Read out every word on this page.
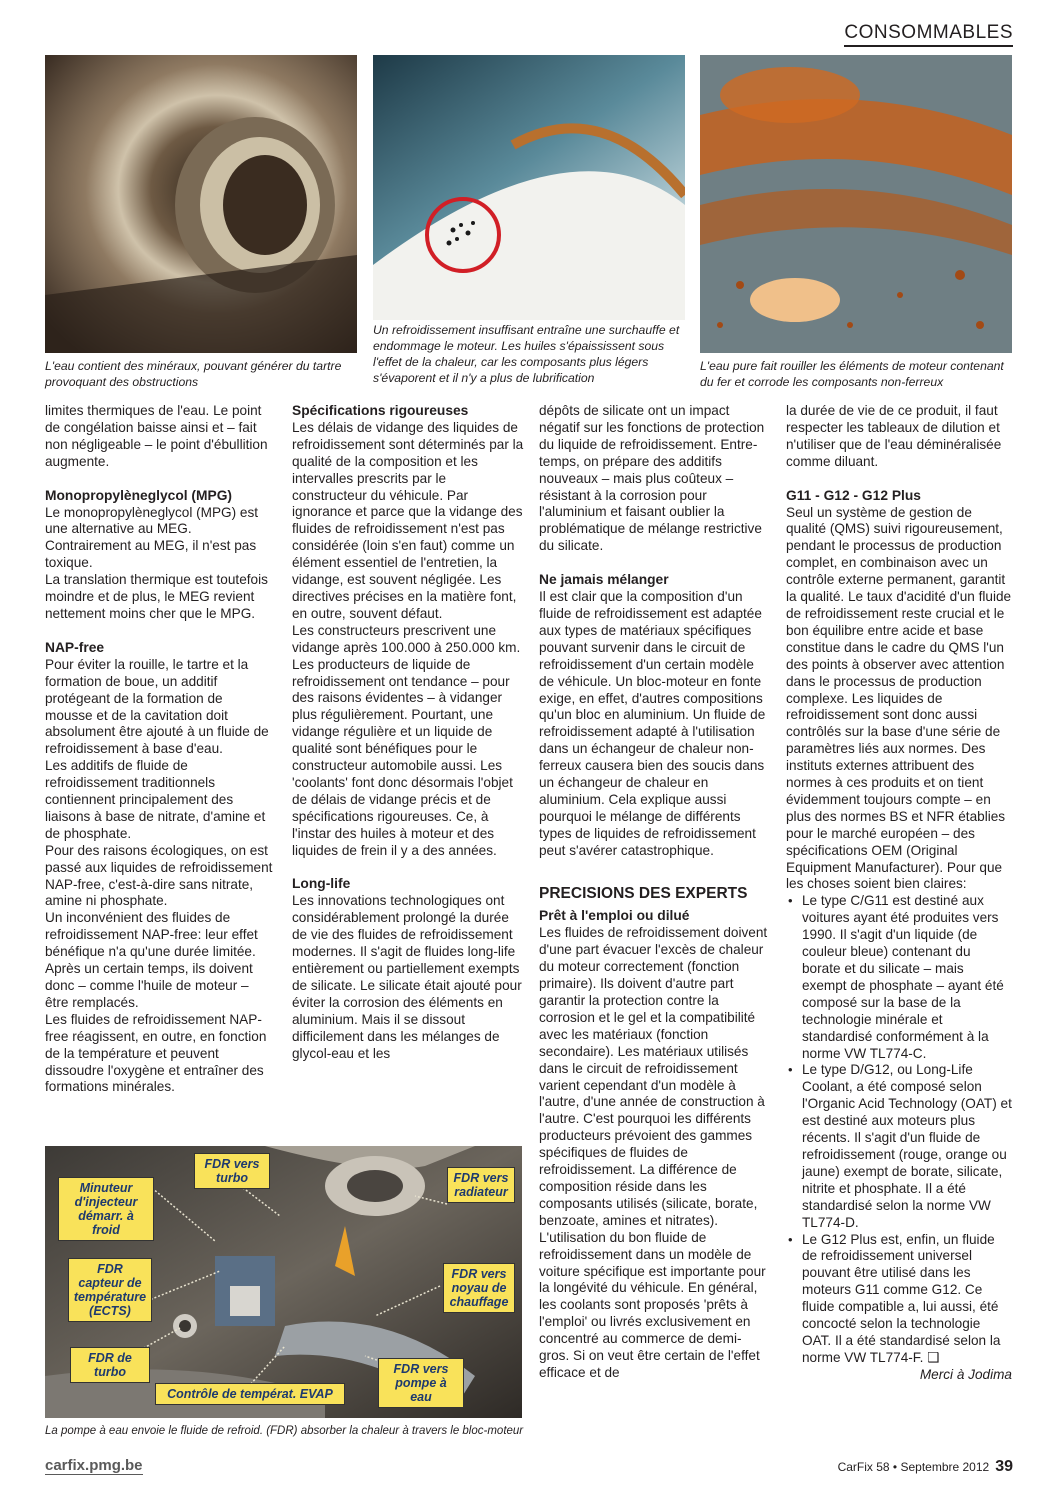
CONSOMMABLES
L'eau contient des minéraux, pouvant générer du tartre provoquant des obstructions
Un refroidissement insuffisant entraîne une surchauffe et endommage le moteur. Les huiles s'épaississent sous l'effet de la chaleur, car les composants plus légers s'évaporent et il n'y a plus de lubrification
L'eau pure fait rouiller les éléments de moteur contenant du fer et corrode les composants non-ferreux

limites thermiques de l'eau. Le point de congélation baisse ainsi et – fait non négligeable – le point d'ébullition augmente.

Monopropylèneglycol (MPG)

Le monopropylèneglycol (MPG) est une alternative au MEG. Contrairement au MEG, il n'est pas toxique.

La translation thermique est toutefois moindre et de plus, le MEG revient nettement moins cher que le MPG.

NAP-free

Pour éviter la rouille, le tartre et la formation de boue, un additif protégeant de la formation de mousse et de la cavitation doit absolument être ajouté à un fluide de refroidissement à base d'eau.

Les additifs de fluide de refroidissement traditionnels contiennent principalement des liaisons à base de nitrate, d'amine et de phosphate.

Pour des raisons écologiques, on est passé aux liquides de refroidissement NAP-free, c'est-à-dire sans nitrate, amine ni phosphate.

Un inconvénient des fluides de refroidissement NAP-free: leur effet bénéfique n'a qu'une durée limitée. Après un certain temps, ils doivent donc – comme l'huile de moteur – être remplacés.

Les fluides de refroidissement NAP-free réagissent, en outre, en fonction de la température et peuvent dissoudre l'oxygène et entraîner des formations minérales.

Spécifications rigoureuses

Les délais de vidange des liquides de refroidissement sont déterminés par la qualité de la composition et les intervalles prescrits par le constructeur du véhicule. Par ignorance et parce que la vidange des fluides de refroidissement n'est pas considérée (loin s'en faut) comme un élément essentiel de l'entretien, la vidange, est souvent négligée. Les directives précises en la matière font, en outre, souvent défaut.

Les constructeurs prescrivent une vidange après 100.000 à 250.000 km. Les producteurs de liquide de refroidissement ont tendance – pour des raisons évidentes – à vidanger plus régulièrement. Pourtant, une vidange régulière et un liquide de qualité sont bénéfiques pour le constructeur automobile aussi. Les 'coolants' font donc désormais l'objet de délais de vidange précis et de spécifications rigoureuses. Ce, à l'instar des huiles à moteur et des liquides de frein il y a des années.

Long-life

Les innovations technologiques ont considérablement prolongé la durée de vie des fluides de refroidissement modernes. Il s'agit de fluides long-life entièrement ou partiellement exempts de silicate. Le silicate était ajouté pour éviter la corrosion des éléments en aluminium. Mais il se dissout difficilement dans les mélanges de glycol-eau et les

dépôts de silicate ont un impact négatif sur les fonctions de protection du liquide de refroidissement. Entre-temps, on prépare des additifs nouveaux – mais plus coûteux – résistant à la corrosion pour l'aluminium et faisant oublier la problématique de mélange restrictive du silicate.

Ne jamais mélanger

Il est clair que la composition d'un fluide de refroidissement est adaptée aux types de matériaux spécifiques pouvant survenir dans le circuit de refroidissement d'un certain modèle de véhicule. Un bloc-moteur en fonte exige, en effet, d'autres compositions qu'un bloc en aluminium. Un fluide de refroidissement adapté à l'utilisation dans un échangeur de chaleur non-ferreux causera bien des soucis dans un échangeur de chaleur en aluminium. Cela explique aussi pourquoi le mélange de différents types de liquides de refroidissement peut s'avérer catastrophique.

PRECISIONS DES EXPERTS
Prêt à l'emploi ou dilué

Les fluides de refroidissement doivent d'une part évacuer l'excès de chaleur du moteur correctement (fonction primaire). Ils doivent d'autre part garantir la protection contre la corrosion et le gel et la compatibilité avec les matériaux (fonction secondaire). Les matériaux utilisés dans le circuit de refroidissement varient cependant d'un modèle à l'autre, d'une année de construction à l'autre. C'est pourquoi les différents producteurs prévoient des gammes spécifiques de fluides de refroidissement. La différence de composition réside dans les composants utilisés (silicate, borate, benzoate, amines et nitrates). L'utilisation du bon fluide de refroidissement dans un modèle de voiture spécifique est importante pour la longévité du véhicule. En général, les coolants sont proposés 'prêts à l'emploi' ou livrés exclusivement en concentré au commerce de demi-gros. Si on veut être certain de l'effet efficace et de

la durée de vie de ce produit, il faut respecter les tableaux de dilution et n'utiliser que de l'eau déminéralisée comme diluant.

G11 - G12 - G12 Plus

Seul un système de gestion de qualité (QMS) suivi rigoureusement, pendant le processus de production complet, en combinaison avec un contrôle externe permanent, garantit la qualité. Le taux d'acidité d'un fluide de refroidissement reste crucial et le bon équilibre entre acide et base constitue dans le cadre du QMS l'un des points à observer avec attention dans le processus de production complexe. Les liquides de refroidissement sont donc aussi contrôlés sur la base d'une série de paramètres liés aux normes. Des instituts externes attribuent des normes à ces produits et on tient évidemment toujours compte – en plus des normes BS et NFR établies pour le marché européen – des spécifications OEM (Original Equipment Manufacturer). Pour que les choses soient bien claires:

• Le type C/G11 est destiné aux voitures ayant été produites vers 1990. Il s'agit d'un liquide (de couleur bleue) contenant du borate et du silicate – mais exempt de phosphate – ayant été composé sur la base de la technologie minérale et standardisé conformément à la norme VW TL774-C.
• Le type D/G12, ou Long-Life Coolant, a été composé selon l'Organic Acid Technology (OAT) et est destiné aux moteurs plus récents. Il s'agit d'un fluide de refroidissement (rouge, orange ou jaune) exempt de borate, silicate, nitrite et phosphate. Il a été standardisé selon la norme VW TL774-D.
• Le G12 Plus est, enfin, un fluide de refroidissement universel pouvant être utilisé dans les moteurs G11 comme G12. Ce fluide compatible a, lui aussi, été concocté selon la technologie OAT. Il a été standardisé selon la norme VW TL774-F. ❑

Merci à Jodima

Minuteur d'injecteur démarr. à froid
FDR vers turbo	FDR vers radiateur
FDR capteur de température (ECTS)
FDR vers noyau de chauffage
FDR de turbo	FDR vers pompe à eau
Contrôle de températ. EVAP
La pompe à eau envoie le fluide de refroid. (FDR) absorber la chaleur à travers le bloc-moteur
carfix.pmg.be	CarFix 58 • Septembre 2012 39
